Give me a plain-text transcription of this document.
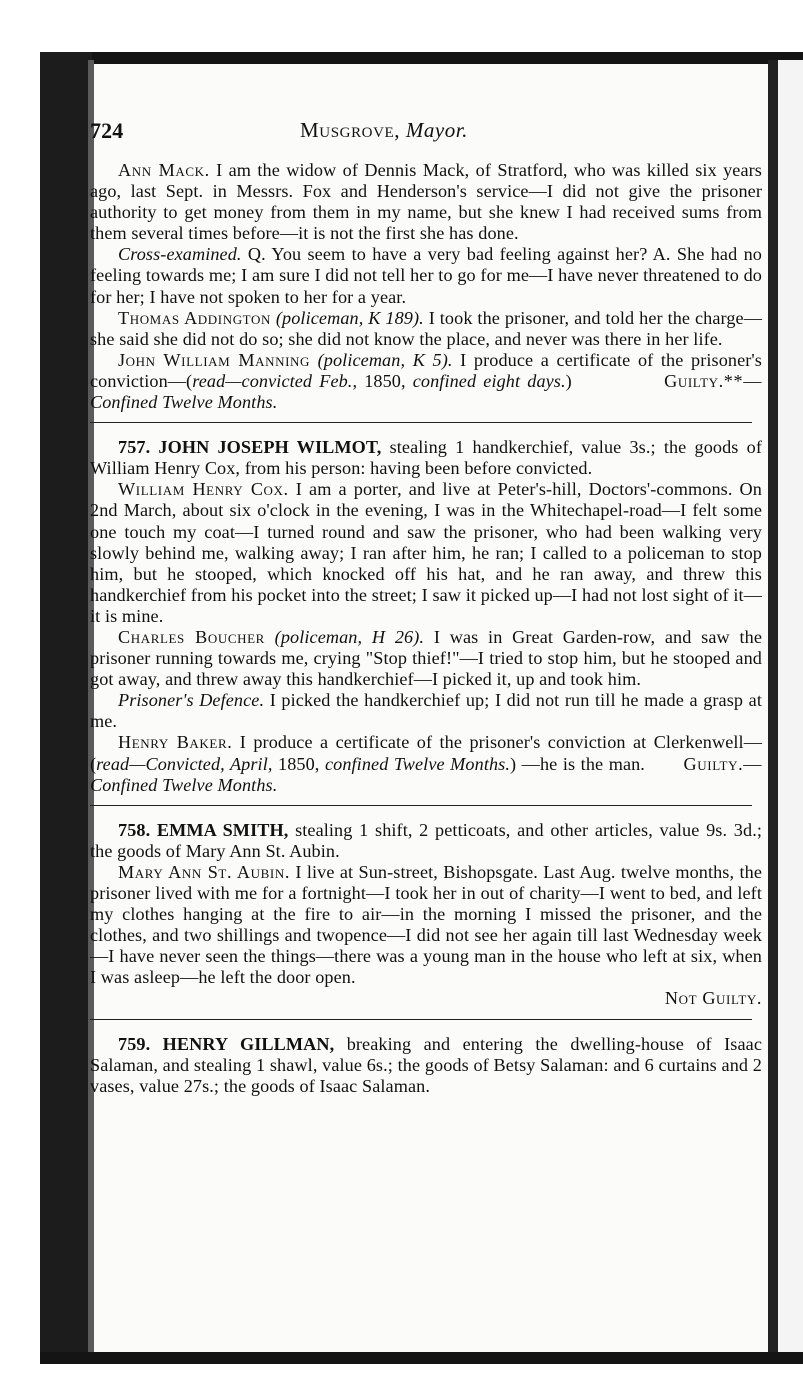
724	Musgrove, Mayor.

Ann Mack. I am the widow of Dennis Mack, of Stratford, who was killed six years ago, last Sept. in Messrs. Fox and Henderson's service—I did not give the prisoner authority to get money from them in my name, but she knew I had received sums from them several times before—it is not the first she has done.

Cross-examined. Q. You seem to have a very bad feeling against her? A. She had no feeling towards me; I am sure I did not tell her to go for me—I have never threatened to do for her; I have not spoken to her for a year.

Thomas Addington (policeman, K 189). I took the prisoner, and told her the charge—she said she did not do so; she did not know the place, and never was there in her life.

John William Manning (policeman, K 5). I produce a certificate of the prisoner's conviction—(read—convicted Feb., 1850, confined eight days.)	Guilty.**—Confined Twelve Months.

757. JOHN JOSEPH WILMOT, stealing 1 handkerchief, value 3s.; the goods of William Henry Cox, from his person: having been before convicted.

William Henry Cox. I am a porter, and live at Peter's-hill, Doctors'-commons. On 2nd March, about six o'clock in the evening, I was in the Whitechapel-road—I felt some one touch my coat—I turned round and saw the prisoner, who had been walking very slowly behind me, walking away; I ran after him, he ran; I called to a policeman to stop him, but he stooped, which knocked off his hat, and he ran away, and threw this handkerchief from his pocket into the street; I saw it picked up—I had not lost sight of it—it is mine.

Charles Boucher (policeman, H 26). I was in Great Garden-row, and saw the prisoner running towards me, crying "Stop thief!"—I tried to stop him, but he stooped and got away, and threw away this handkerchief—I picked it, up and took him.

Prisoner's Defence. I picked the handkerchief up; I did not run till he made a grasp at me.

Henry Baker. I produce a certificate of the prisoner's conviction at Clerkenwell—(read—Convicted, April, 1850, confined Twelve Months.) —he is the man. Guilty.—Confined Twelve Months.

758. EMMA SMITH, stealing 1 shift, 2 petticoats, and other articles, value 9s. 3d.; the goods of Mary Ann St. Aubin.

Mary Ann St. Aubin. I live at Sun-street, Bishopsgate. Last Aug. twelve months, the prisoner lived with me for a fortnight—I took her in out of charity—I went to bed, and left my clothes hanging at the fire to air—in the morning I missed the prisoner, and the clothes, and two shillings and twopence—I did not see her again till last Wednesday week—I have never seen the things—there was a young man in the house who left at six, when I was asleep—he left the door open.

Not Guilty.

759. HENRY GILLMAN, breaking and entering the dwelling-house of Isaac Salaman, and stealing 1 shawl, value 6s.; the goods of Betsy Salaman: and 6 curtains and 2 vases, value 27s.; the goods of Isaac Salaman.
